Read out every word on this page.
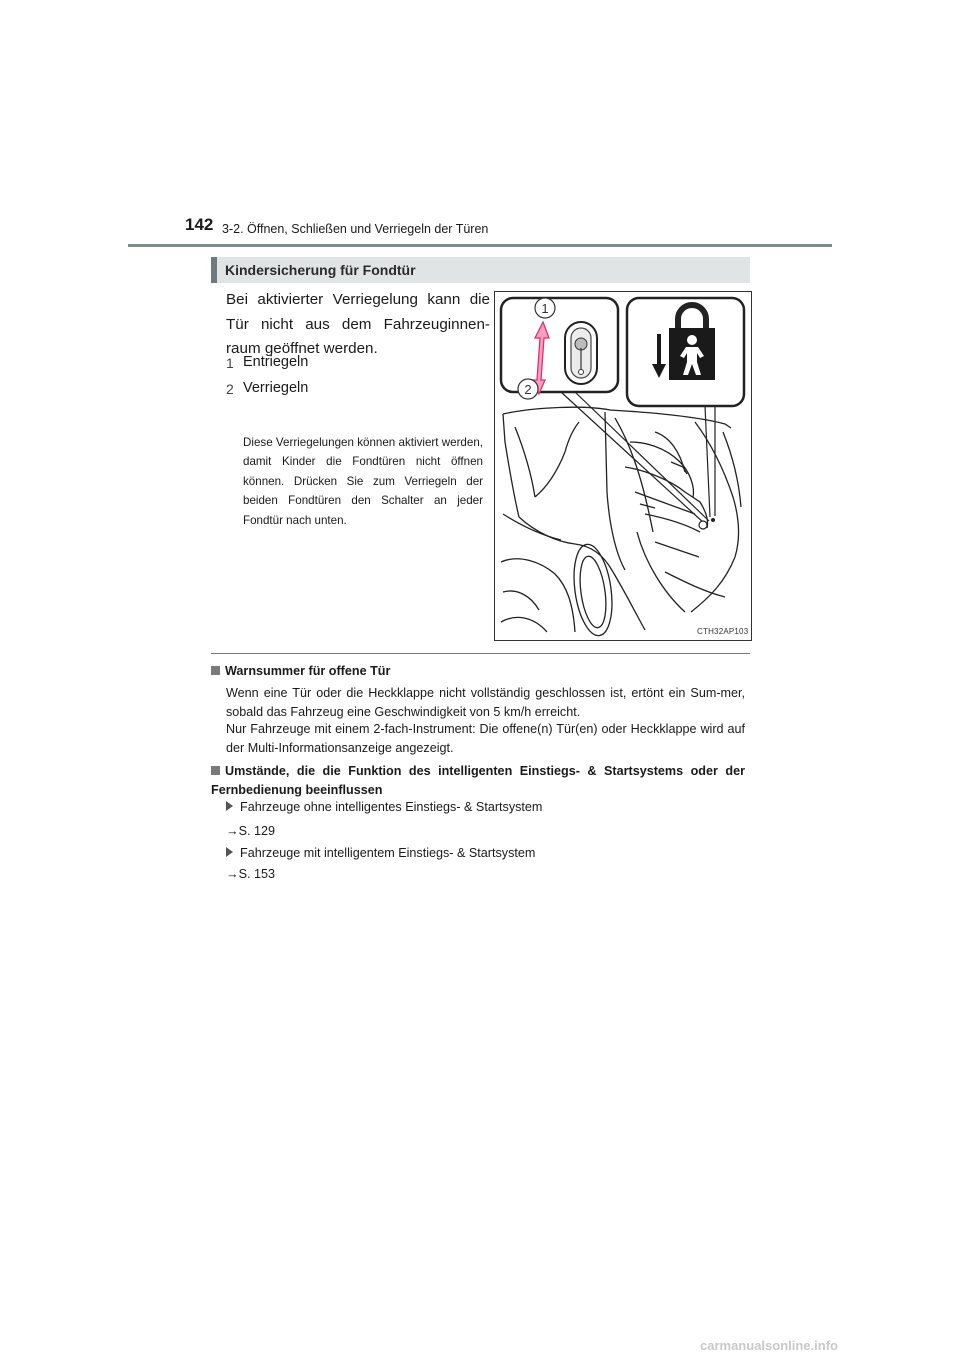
142 3-2. Öffnen, Schließen und Verriegeln der Türen
Kindersicherung für Fondtür
Bei aktivierter Verriegelung kann die Tür nicht aus dem Fahrzeuginnen-raum geöffnet werden.
1 Entriegeln
2 Verriegeln
Diese Verriegelungen können aktiviert werden, damit Kinder die Fondtüren nicht öffnen können. Drücken Sie zum Verriegeln der beiden Fondtüren den Schalter an jeder Fondtür nach unten.
1
2
CTH32AP103
Warnsummer für offene Tür
Wenn eine Tür oder die Heckklappe nicht vollständig geschlossen ist, ertönt ein Sum-mer, sobald das Fahrzeug eine Geschwindigkeit von 5 km/h erreicht.
Nur Fahrzeuge mit einem 2-fach-Instrument: Die offene(n) Tür(en) oder Heckklappe wird auf der Multi-Informationsanzeige angezeigt.
Umstände, die die Funktion des intelligenten Einstiegs- & Startsystems oder der Fernbedienung beeinflussen
Fahrzeuge ohne intelligentes Einstiegs- & Startsystem
→S. 129
Fahrzeuge mit intelligentem Einstiegs- & Startsystem
→S. 153
carmanualsonline.info
